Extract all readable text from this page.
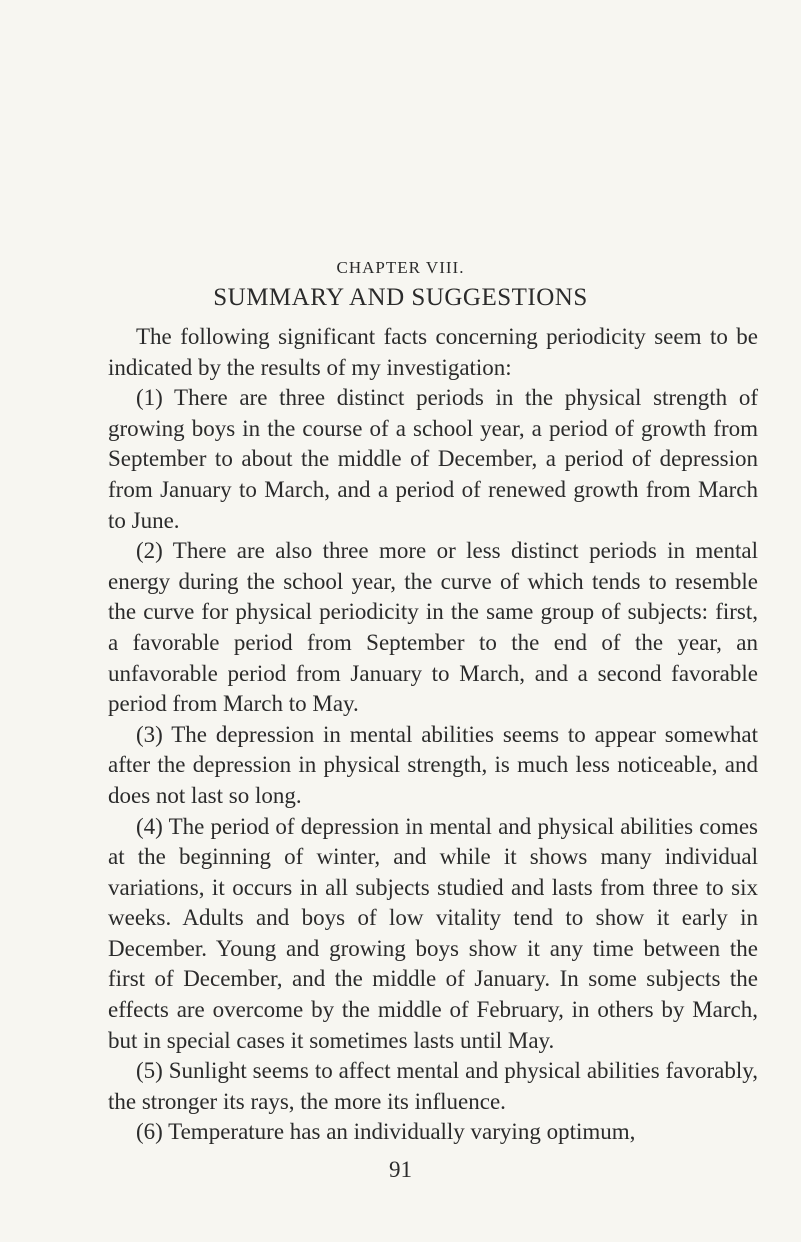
CHAPTER VIII.
SUMMARY AND SUGGESTIONS

The following significant facts concerning periodicity seem to be indicated by the results of my investigation:

(1) There are three distinct periods in the physical strength of growing boys in the course of a school year, a period of growth from September to about the middle of December, a period of depression from January to March, and a period of renewed growth from March to June.

(2) There are also three more or less distinct periods in mental energy during the school year, the curve of which tends to resemble the curve for physical periodicity in the same group of subjects: first, a favorable period from September to the end of the year, an unfavorable period from January to March, and a second favorable period from March to May.

(3) The depression in mental abilities seems to appear somewhat after the depression in physical strength, is much less noticeable, and does not last so long.

(4) The period of depression in mental and physical abilities comes at the beginning of winter, and while it shows many individual variations, it occurs in all subjects studied and lasts from three to six weeks. Adults and boys of low vitality tend to show it early in December. Young and growing boys show it any time between the first of December, and the middle of January. In some subjects the effects are overcome by the middle of February, in others by March, but in special cases it sometimes lasts until May.

(5) Sunlight seems to affect mental and physical abilities favorably, the stronger its rays, the more its influence.

(6) Temperature has an individually varying optimum,

91
